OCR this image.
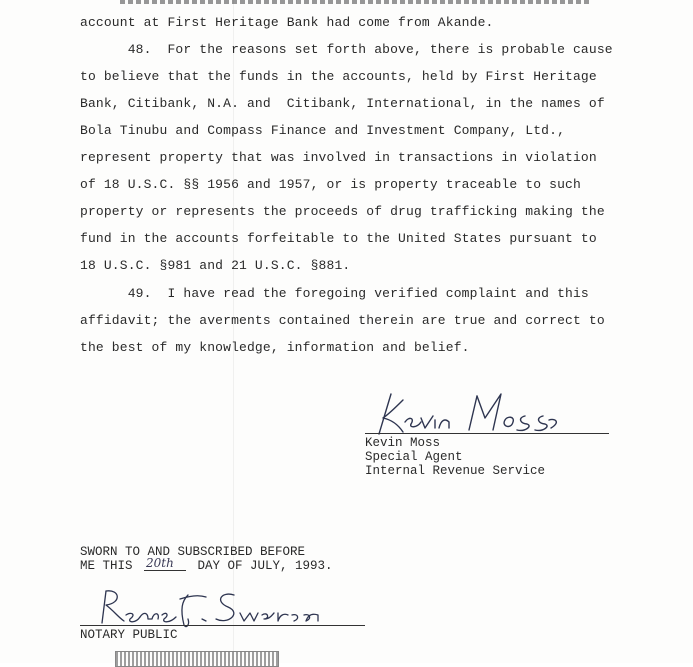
account at First Heritage Bank had come from Akande.
48.  For the reasons set forth above, there is probable cause
to believe that the funds in the accounts, held by First Heritage
Bank, Citibank, N.A. and  Citibank, International, in the names of
Bola Tinubu and Compass Finance and Investment Company, Ltd.,
represent property that was involved in transactions in violation
of 18 U.S.C. §§ 1956 and 1957, or is property traceable to such
property or represents the proceeds of drug trafficking making the
fund in the accounts forfeitable to the United States pursuant to
18 U.S.C. §981 and 21 U.S.C. §881.
49.  I have read the foregoing verified complaint and this
affidavit; the averments contained therein are true and correct to
the best of my knowledge, information and belief.
Kevin Moss
Special Agent
Internal Revenue Service
SWORN TO AND SUBSCRIBED BEFORE
ME THIS	DAY OF JULY, 1993.
20th
NOTARY PUBLIC
